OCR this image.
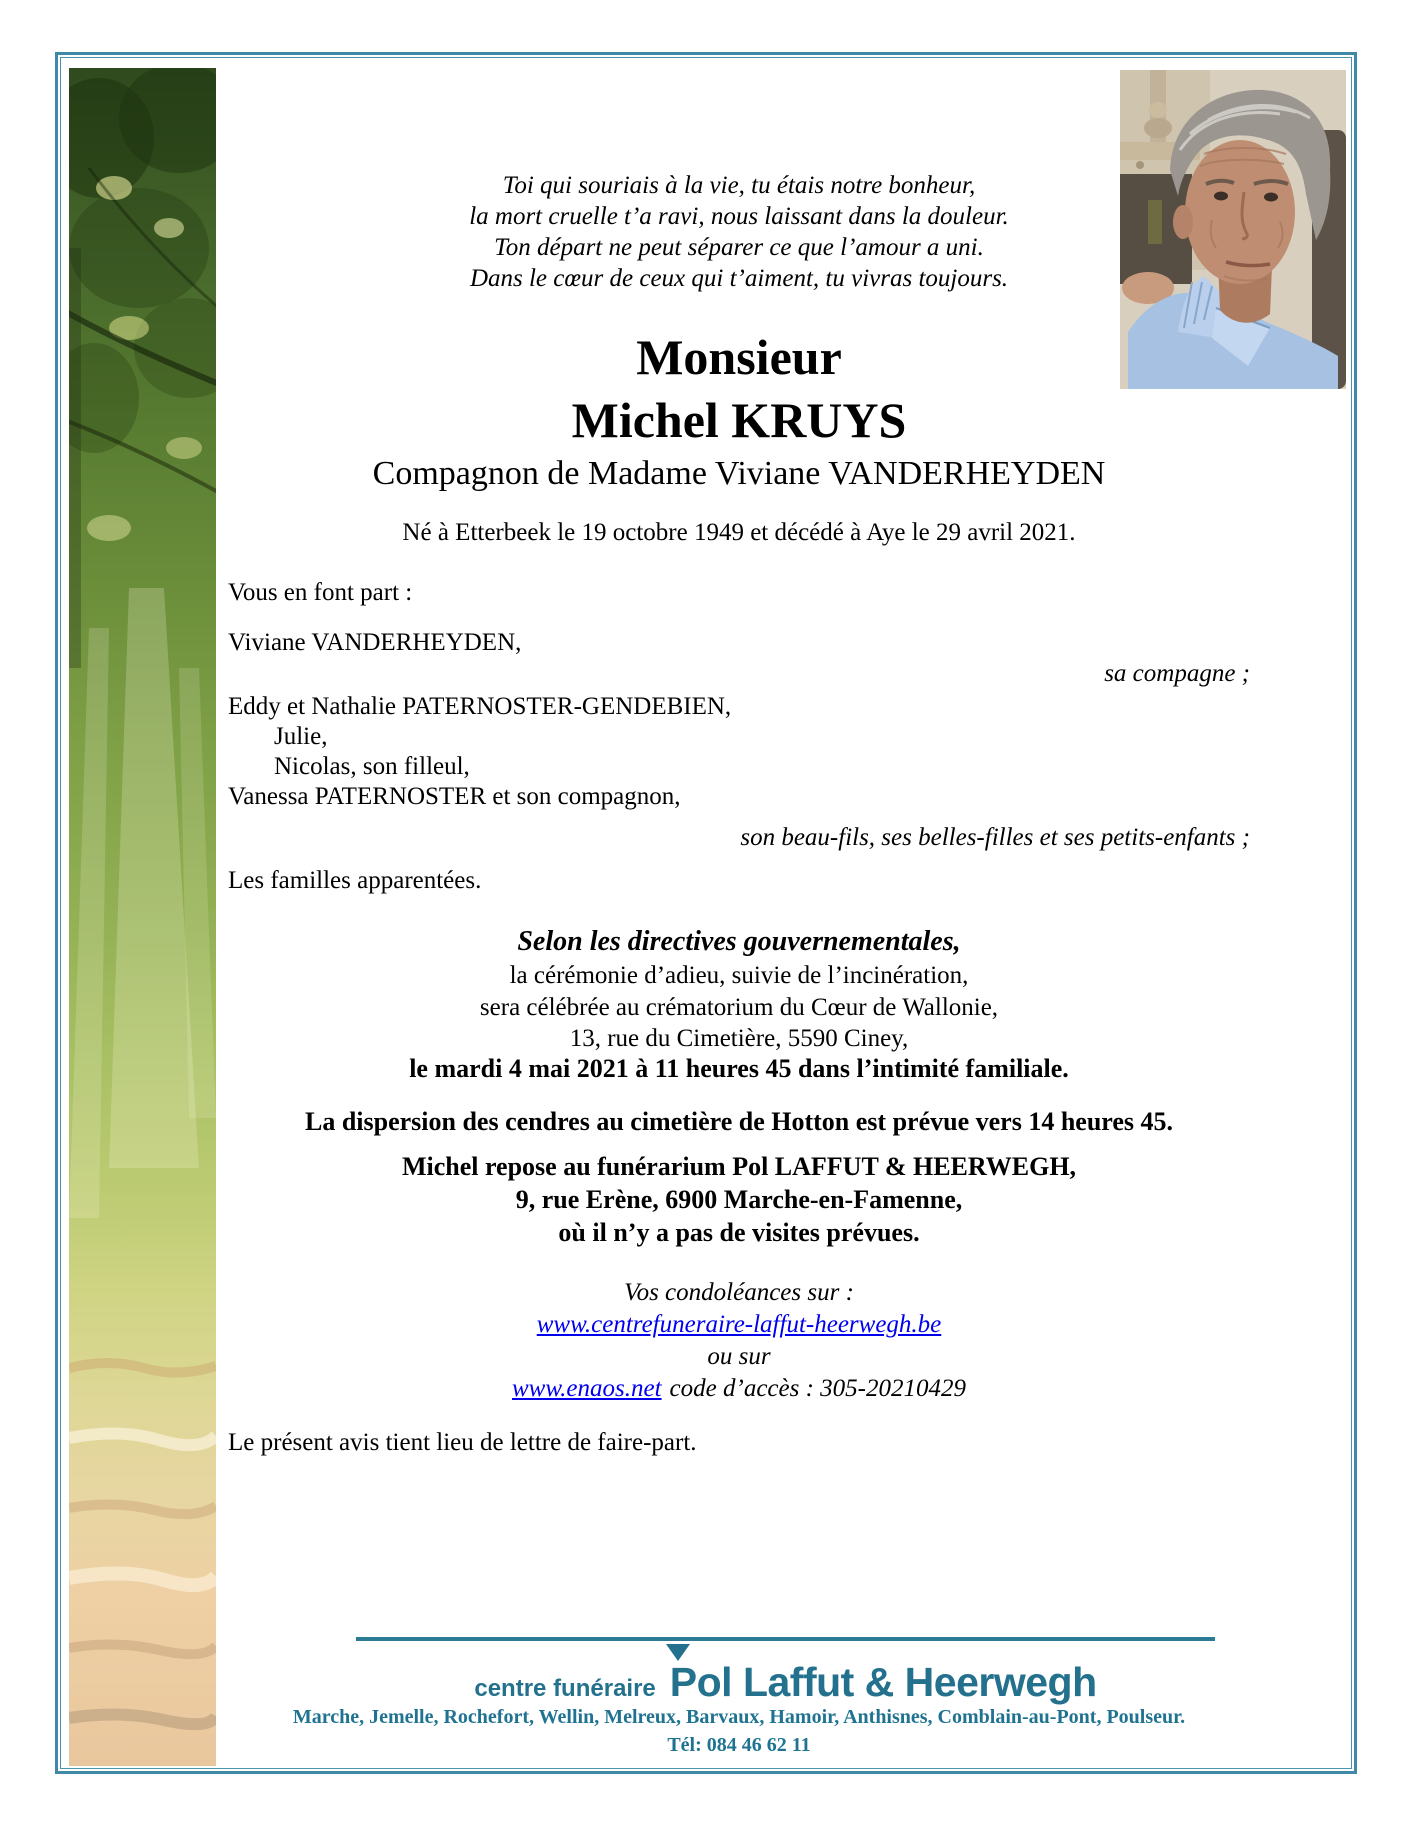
Toi qui souriais à la vie, tu étais notre bonheur,
la mort cruelle t’a ravi, nous laissant dans la douleur.
Ton départ ne peut séparer ce que l’amour a uni.
Dans le cœur de ceux qui t’aiment, tu vivras toujours.
Monsieur
Michel KRUYS
Compagnon de Madame Viviane VANDERHEYDEN
Né à Etterbeek le 19 octobre 1949 et décédé à Aye le 29 avril 2021.
Vous en font part :
Viviane VANDERHEYDEN,
sa compagne ;
Eddy et Nathalie PATERNOSTER-GENDEBIEN,
Julie,
Nicolas, son filleul,
Vanessa PATERNOSTER et son compagnon,
son beau-fils, ses belles-filles et ses petits-enfants ;
Les familles apparentées.
Selon les directives gouvernementales,
la cérémonie d’adieu, suivie de l’incinération,
sera célébrée au crématorium du Cœur de Wallonie,
13, rue du Cimetière, 5590 Ciney,
le mardi 4 mai 2021 à 11 heures 45 dans l’intimité familiale.
La dispersion des cendres au cimetière de Hotton est prévue vers 14 heures 45.
Michel repose au funérarium Pol LAFFUT & HEERWEGH,
9, rue Erène, 6900 Marche-en-Famenne,
où il n’y a pas de visites prévues.
Vos condoléances sur :
www.centrefuneraire-laffut-heerwegh.be
ou sur
www.enaos.net code d’accès : 305-20210429
Le présent avis tient lieu de lettre de faire-part.
centre funéraire Pol Laffut & Heerwegh
Marche, Jemelle, Rochefort, Wellin, Melreux, Barvaux, Hamoir, Anthisnes, Comblain-au-Pont, Poulseur.
Tél: 084 46 62 11
